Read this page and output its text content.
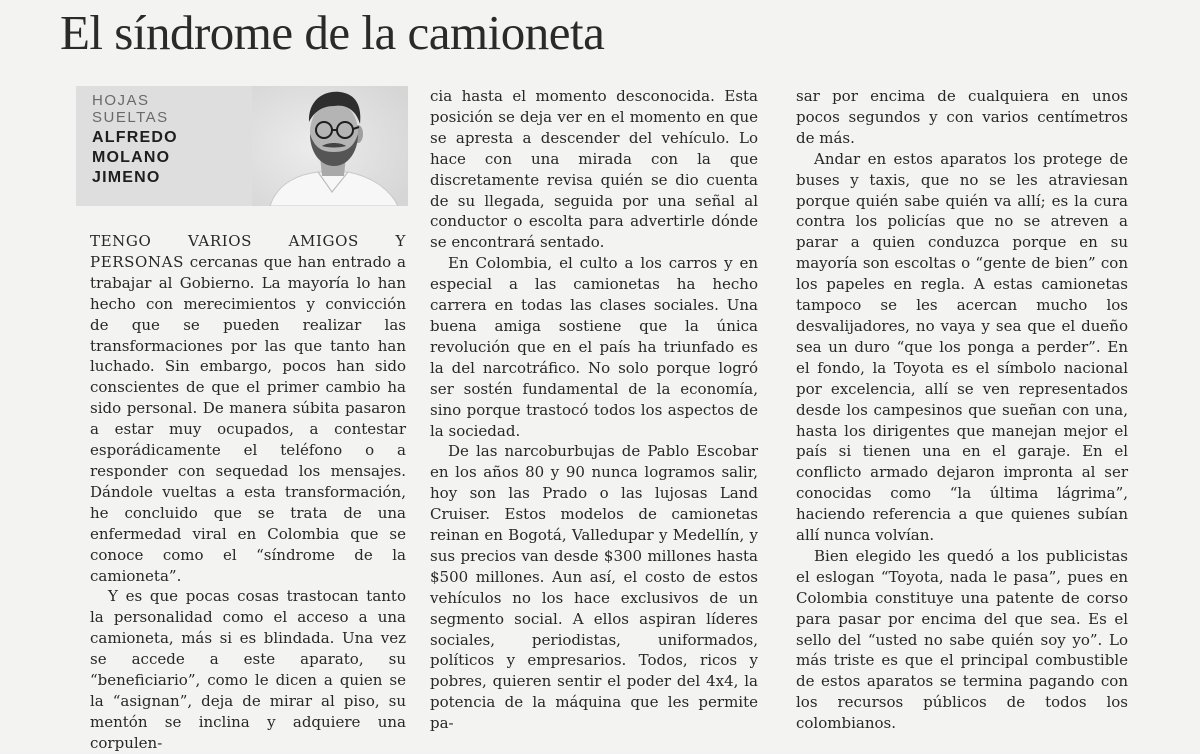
El síndrome de la camioneta
HOJAS
SUELTAS
ALFREDO
MOLANO
JIMENO

TENGO VARIOS AMIGOS Y PERSONAS cercanas que han entrado a trabajar al Gobierno. La mayoría lo han hecho con merecimientos y convicción de que se pueden realizar las transformaciones por las que tanto han luchado. Sin embargo, pocos han sido conscientes de que el primer cambio ha sido personal. De manera súbita pasaron a estar muy ocupados, a contestar esporádicamente el teléfono o a responder con sequedad los mensajes. Dándole vueltas a esta transformación, he concluido que se trata de una enfermedad viral en Colombia que se conoce como el “síndrome de la camioneta”.

Y es que pocas cosas trastocan tanto la personalidad como el acceso a una camioneta, más si es blindada. Una vez se accede a este aparato, su “beneficiario”, como le dicen a quien se la “asignan”, deja de mirar al piso, su mentón se inclina y adquiere una corpulen-

cia hasta el momento desconocida. Esta posición se deja ver en el momento en que se apresta a descender del vehículo. Lo hace con una mirada con la que discretamente revisa quién se dio cuenta de su llegada, seguida por una señal al conductor o escolta para advertirle dónde se encontrará sentado.

En Colombia, el culto a los carros y en especial a las camionetas ha hecho carrera en todas las clases sociales. Una buena amiga sostiene que la única revolución que en el país ha triunfado es la del narcotráfico. No solo porque logró ser sostén fundamental de la economía, sino porque trastocó todos los aspectos de la sociedad.

De las narcoburbujas de Pablo Escobar en los años 80 y 90 nunca logramos salir, hoy son las Prado o las lujosas Land Cruiser. Estos modelos de camionetas reinan en Bogotá, Valledupar y Medellín, y sus precios van desde $300 millones hasta $500 millones. Aun así, el costo de estos vehículos no los hace exclusivos de un segmento social. A ellos aspiran líderes sociales, periodistas, uniformados, políticos y empresarios. Todos, ricos y pobres, quieren sentir el poder del 4x4, la potencia de la máquina que les permite pa-

sar por encima de cualquiera en unos pocos segundos y con varios centímetros de más.

Andar en estos aparatos los protege de buses y taxis, que no se les atraviesan porque quién sabe quién va allí; es la cura contra los policías que no se atreven a parar a quien conduzca porque en su mayoría son escoltas o “gente de bien” con los papeles en regla. A estas camionetas tampoco se les acercan mucho los desvalijadores, no vaya y sea que el dueño sea un duro “que los ponga a perder”. En el fondo, la Toyota es el símbolo nacional por excelencia, allí se ven representados desde los campesinos que sueñan con una, hasta los dirigentes que manejan mejor el país si tienen una en el garaje. En el conflicto armado dejaron impronta al ser conocidas como “la última lágrima”, haciendo referencia a que quienes subían allí nunca volvían.

Bien elegido les quedó a los publicistas el eslogan “Toyota, nada le pasa”, pues en Colombia constituye una patente de corso para pasar por encima del que sea. Es el sello del “usted no sabe quién soy yo”. Lo más triste es que el principal combustible de estos aparatos se termina pagando con los recursos públicos de todos los colombianos.
